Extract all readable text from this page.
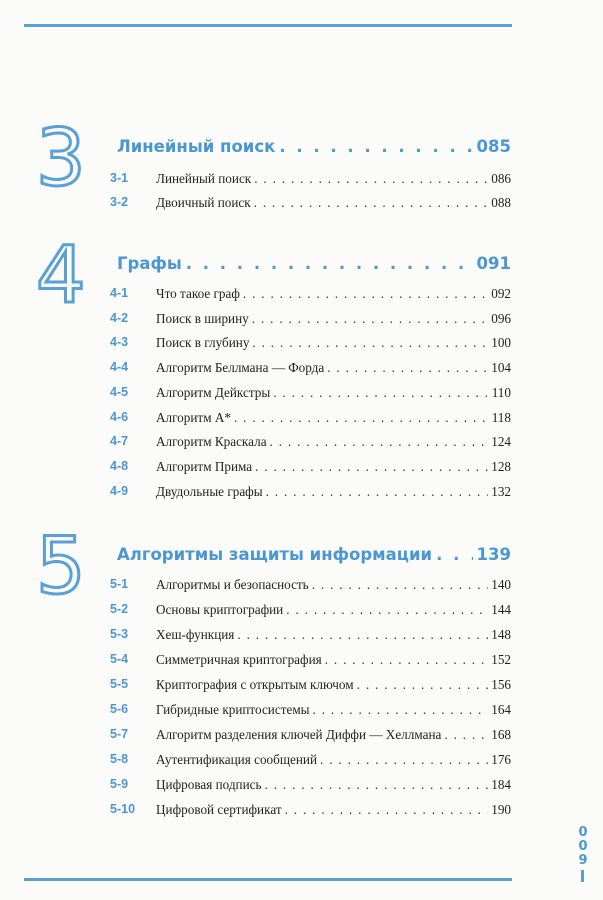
3 Линейный поиск . . .	085
3-1 Линейный поиск . . .	086
3-2 Двоичный поиск . . .	088
4 Графы . . .	091
4-1 Что такое граф . . .	092
4-2 Поиск в ширину . . .	096
4-3 Поиск в глубину . . .	100
4-4 Алгоритм Беллмана — Форда . . .	104
4-5 Алгоритм Дейкстры . . .	110
4-6 Алгоритм A* . . .	118
4-7 Алгоритм Краскала . . .	124
4-8 Алгоритм Прима . . .	128
4-9 Двудольные графы . . .	132
5 Алгоритмы защиты информации . . .	139
5-1 Алгоритмы и безопасность . . .	140
5-2 Основы криптографии . . .	144
5-3 Хеш-функция . . .	148
5-4 Симметричная криптография . . .	152
5-5 Криптография с открытым ключом . . .	156
5-6 Гибридные криптосистемы . . .	164
5-7 Алгоритм разделения ключей Диффи — Хеллмана . . .	168
5-8 Аутентификация сообщений . . .	176
5-9 Цифровая подпись . . .	184
5-10 Цифровой сертификат . . .	190
0
0
9
